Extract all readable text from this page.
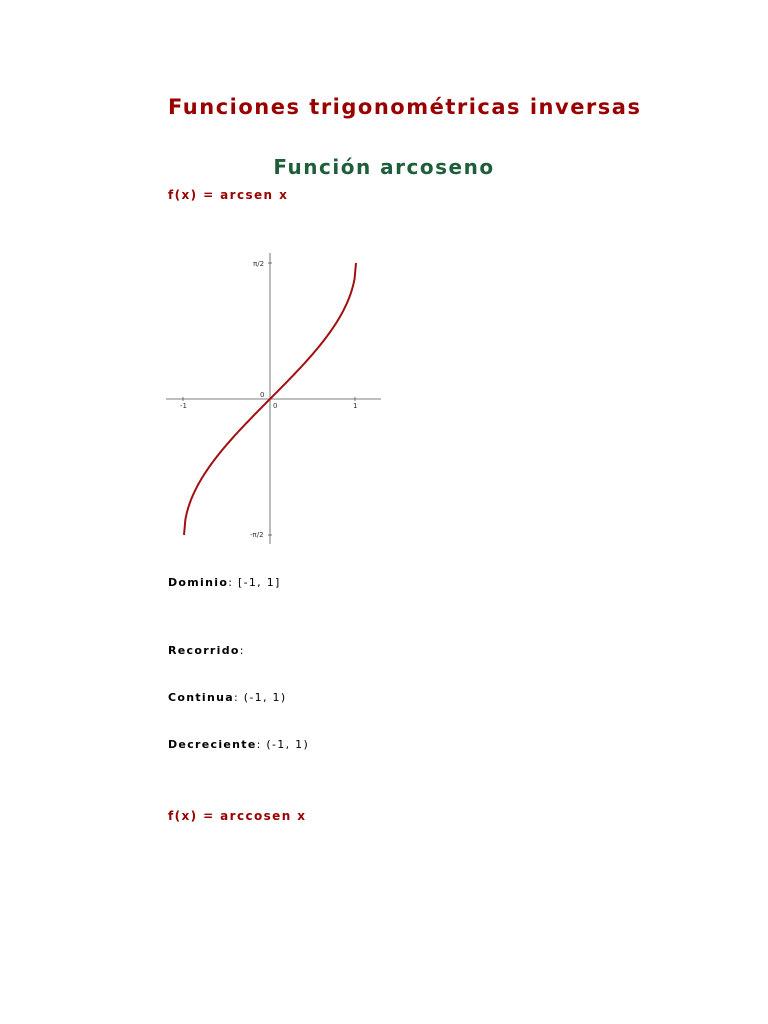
Funciones trigonométricas inversas
Función arcoseno
f(x) = arcsen x
-1	0	1
π/2
0
-π/2
Dominio: [-1, 1]
Recorrido:
Continua: (-1, 1)
Decreciente: (-1, 1)
f(x) = arccosen x
